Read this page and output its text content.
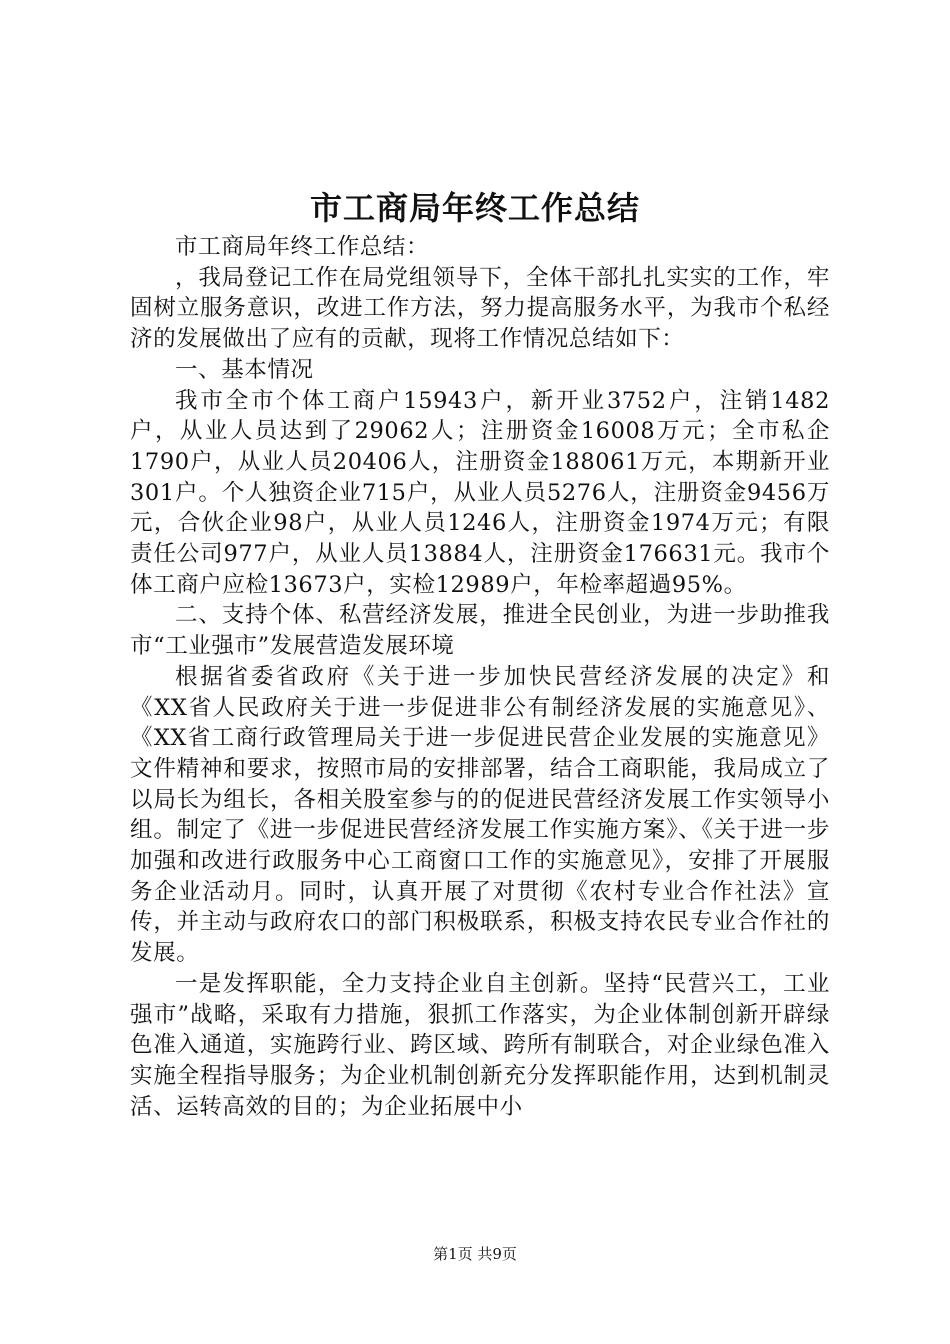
市工商局年终工作总结

市工商局年终工作总结：

，我局登记工作在局党组领导下，全体干部扎扎实实的工作，牢固树立服务意识，改进工作方法，努力提高服务水平，为我市个私经济的发展做出了应有的贡献，现将工作情况总结如下：

一、基本情况

我市全市个体工商户15943户，新开业3752户，注销1482户，从业人员达到了29062人；注册资金16008万元；全市私企1790户，从业人员20406人，注册资金188061万元，本期新开业301户。个人独资企业715户，从业人员5276人，注册资金9456万元，合伙企业98户，从业人员1246人，注册资金1974万元；有限责任公司977户，从业人员13884人，注册资金176631元。我市个体工商户应检13673户，实检12989户，年检率超過95%。

二、支持个体、私营经济发展，推进全民创业，为进一步助推我市“工业强市”发展营造发展环境

根据省委省政府《关于进一步加快民营经济发展的决定》和《XX省人民政府关于进一步促进非公有制经济发展的实施意见》、《XX省工商行政管理局关于进一步促进民营企业发展的实施意见》文件精神和要求，按照市局的安排部署，结合工商职能，我局成立了以局长为组长，各相关股室参与的的促进民营经济发展工作实领导小组。制定了《进一步促进民营经济发展工作实施方案》、《关于进一步加强和改进行政服务中心工商窗口工作的实施意见》，安排了开展服务企业活动月。同时，认真开展了对贯彻《农村专业合作社法》宣传，并主动与政府农口的部门积极联系，积极支持农民专业合作社的发展。

一是发挥职能，全力支持企业自主创新。坚持“民营兴工，工业强市”战略，采取有力措施，狠抓工作落实，为企业体制创新开辟绿色准入通道，实施跨行业、跨区域、跨所有制联合，对企业绿色准入实施全程指导服务；为企业机制创新充分发挥职能作用，达到机制灵活、运转高效的目的；为企业拓展中小

第1页 共9页
